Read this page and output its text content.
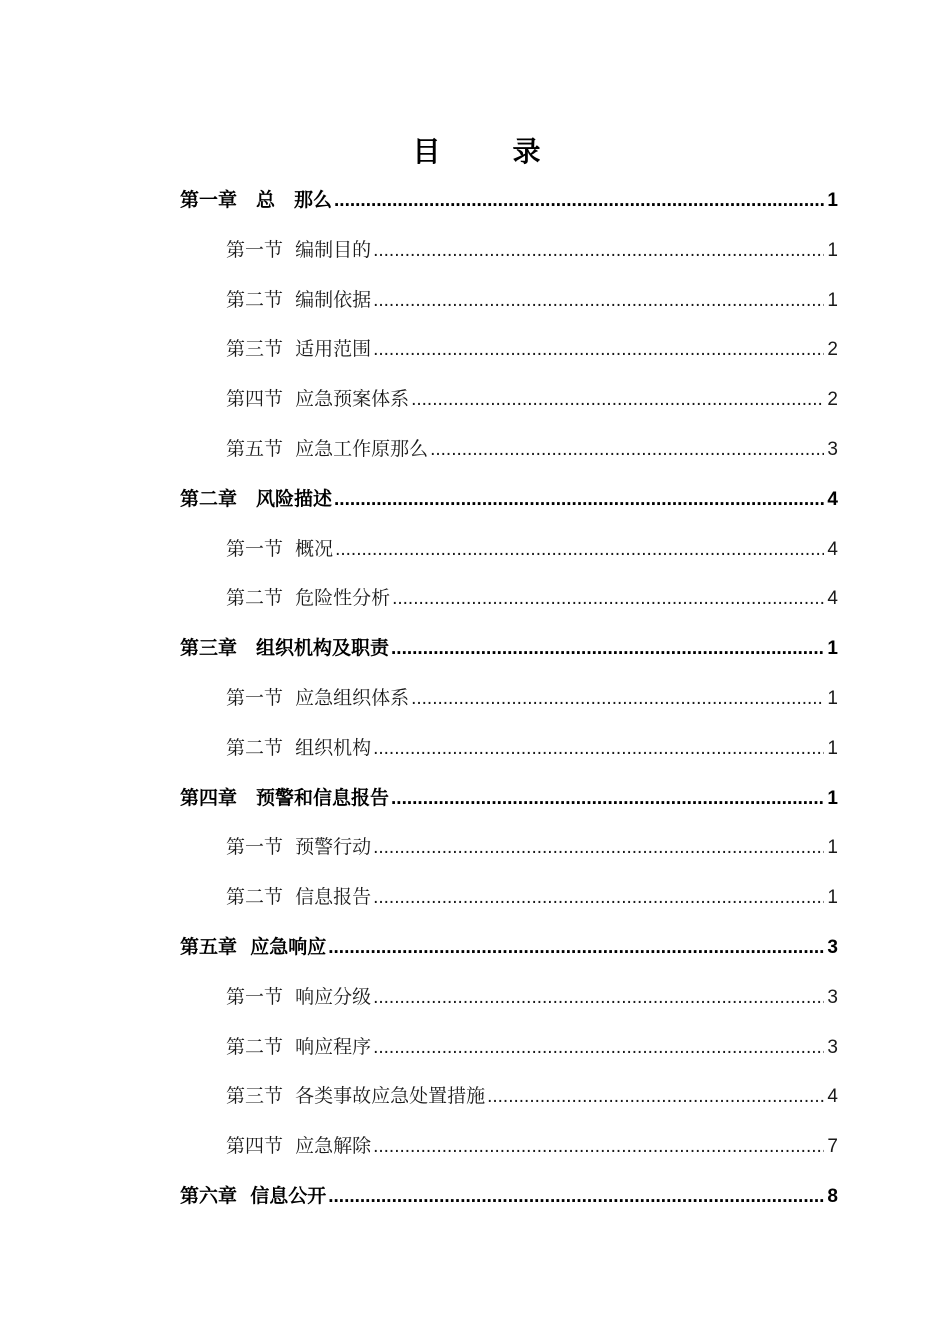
目　录
第一章　总　那么 .....	1
第一节  编制目的 .....	1
第二节  编制依据 .....	1
第三节  适用范围 .....	2
第四节  应急预案体系 .....	2
第五节  应急工作原那么 .....	3
第二章　风险描述 .....	4
第一节  概况 .....	4
第二节  危险性分析 .....	4
第三章　组织机构及职责 .....	1
第一节  应急组织体系 .....	1
第二节  组织机构 .....	1
第四章　预警和信息报告 .....	1
第一节  预警行动 .....	1
第二节  信息报告 .....	1
第五章  应急响应 .....	3
第一节  响应分级 .....	3
第二节  响应程序 .....	3
第三节  各类事故应急处置措施 .....	4
第四节  应急解除 .....	7
第六章  信息公开 .....	8
